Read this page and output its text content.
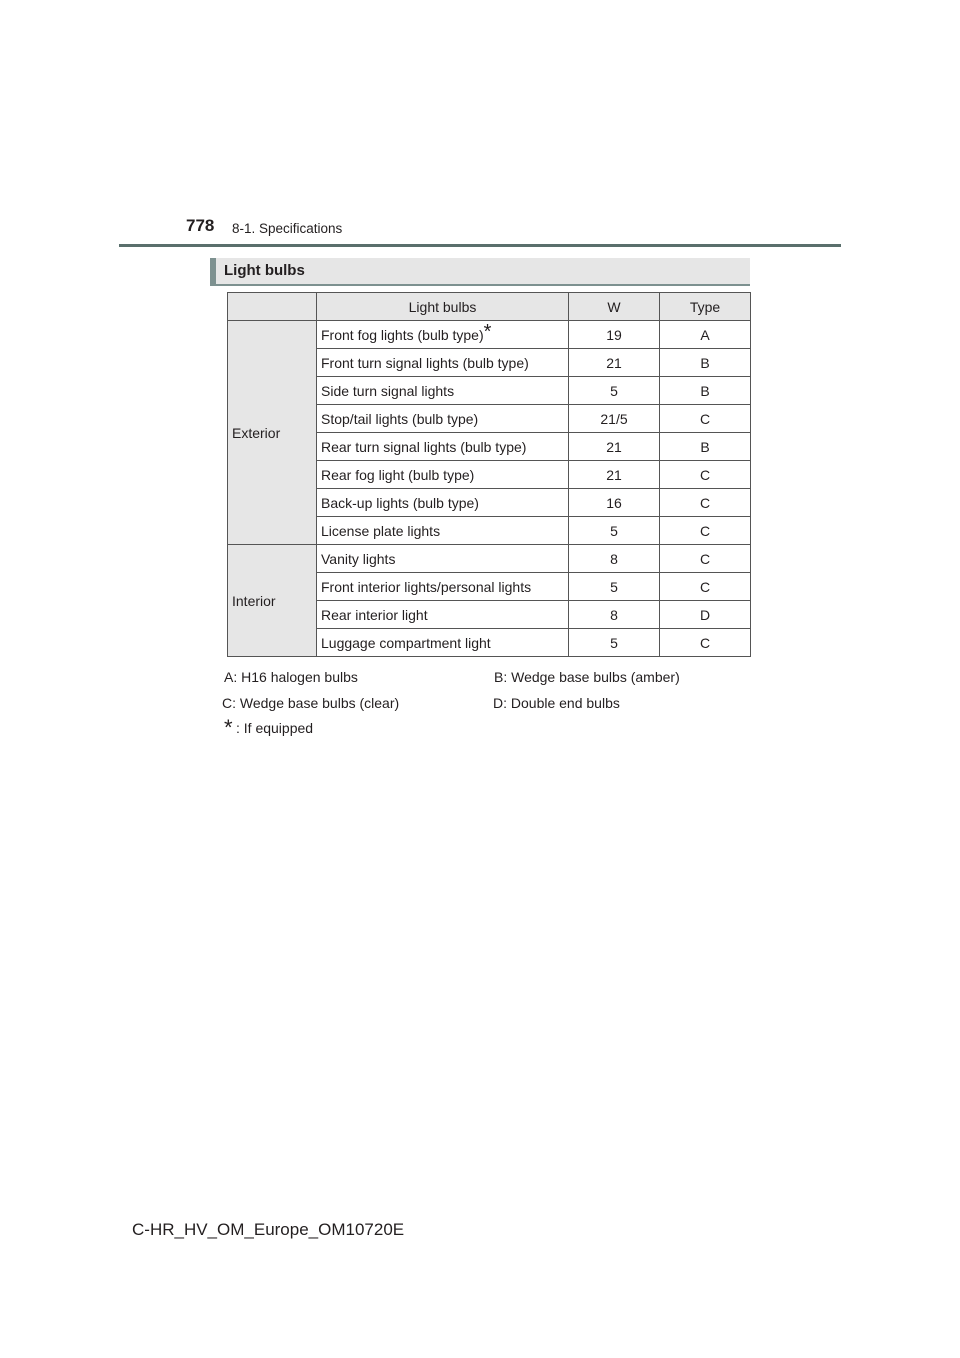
778 8-1. Specifications
Light bulbs
	Light bulbs	W	Type
Exterior	Front fog lights (bulb type)*	19	A
	Front turn signal lights (bulb type)	21	B
	Side turn signal lights	5	B
	Stop/tail lights (bulb type)	21/5	C
	Rear turn signal lights (bulb type)	21	B
	Rear fog light (bulb type)	21	C
	Back-up lights (bulb type)	16	C
	License plate lights	5	C
Interior	Vanity lights	8	C
	Front interior lights/personal lights	5	C
	Rear interior light	8	D
	Luggage compartment light	5	C
A: H16 halogen bulbs	B: Wedge base bulbs (amber)
C: Wedge base bulbs (clear)	D: Double end bulbs
* : If equipped
C-HR_HV_OM_Europe_OM10720E
